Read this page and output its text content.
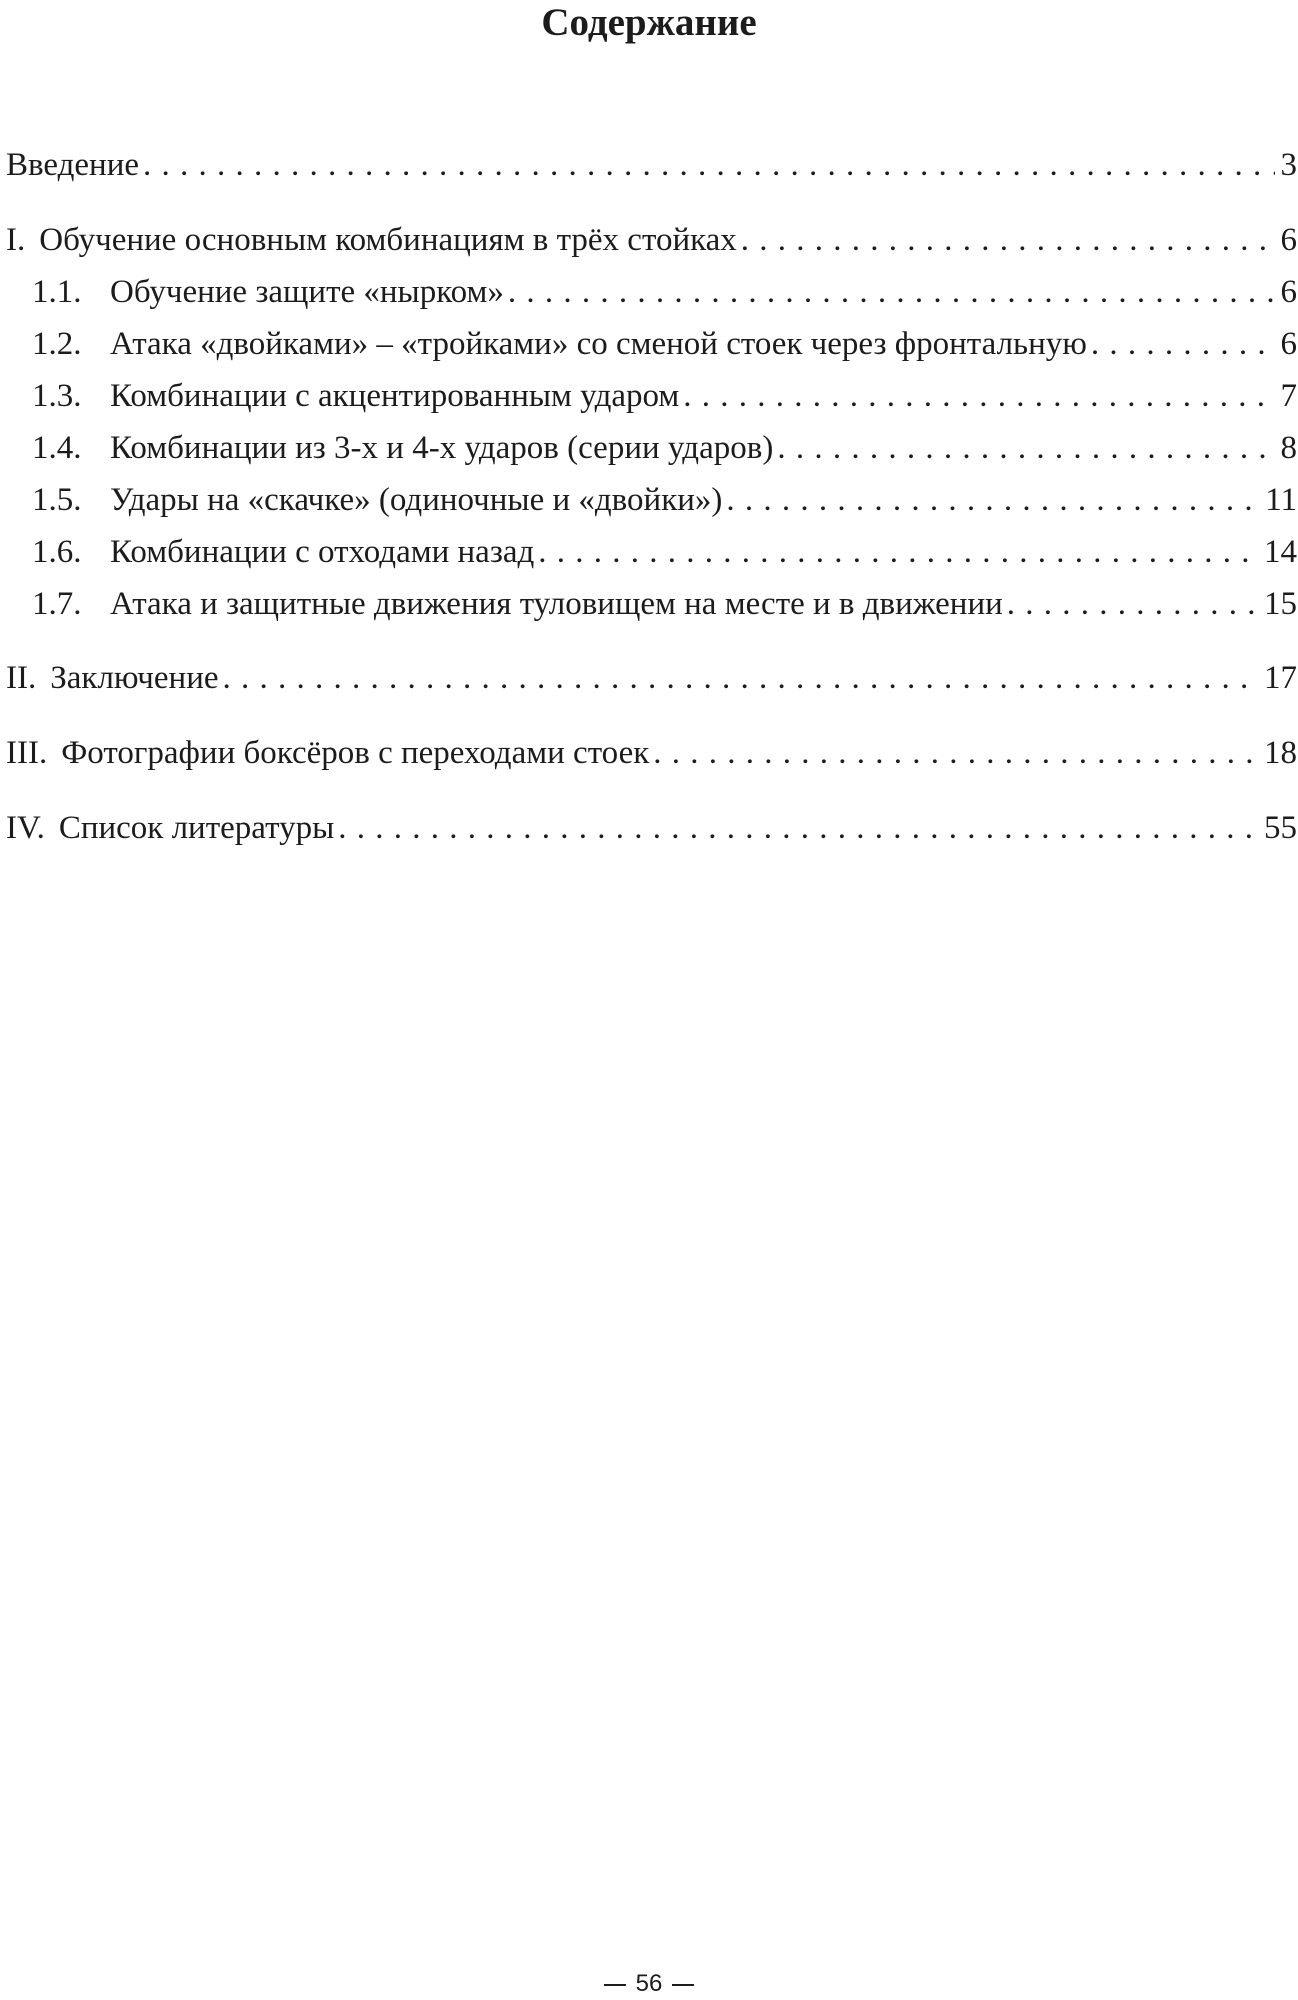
Содержание
Введение . . .	3
I. Обучение основным комбинациям в трёх стойках . . .	6
1.1. Обучение защите «нырком» . . .	6
1.2. Атака «двойками» – «тройками» со сменой стоек через фронтальную . . .	6
1.3. Комбинации с акцентированным ударом . . .	7
1.4. Комбинации из 3-х и 4-х ударов (серии ударов) . . .	8
1.5. Удары на «скачке» (одиночные и «двойки») . . .	11
1.6. Комбинации с отходами назад . . .	14
1.7. Атака и защитные движения туловищем на месте и в движении . . .	15
II. Заключение . . .	17
III. Фотографии боксёров с переходами стоек . . .	18
IV. Список литературы . . .	55
56
